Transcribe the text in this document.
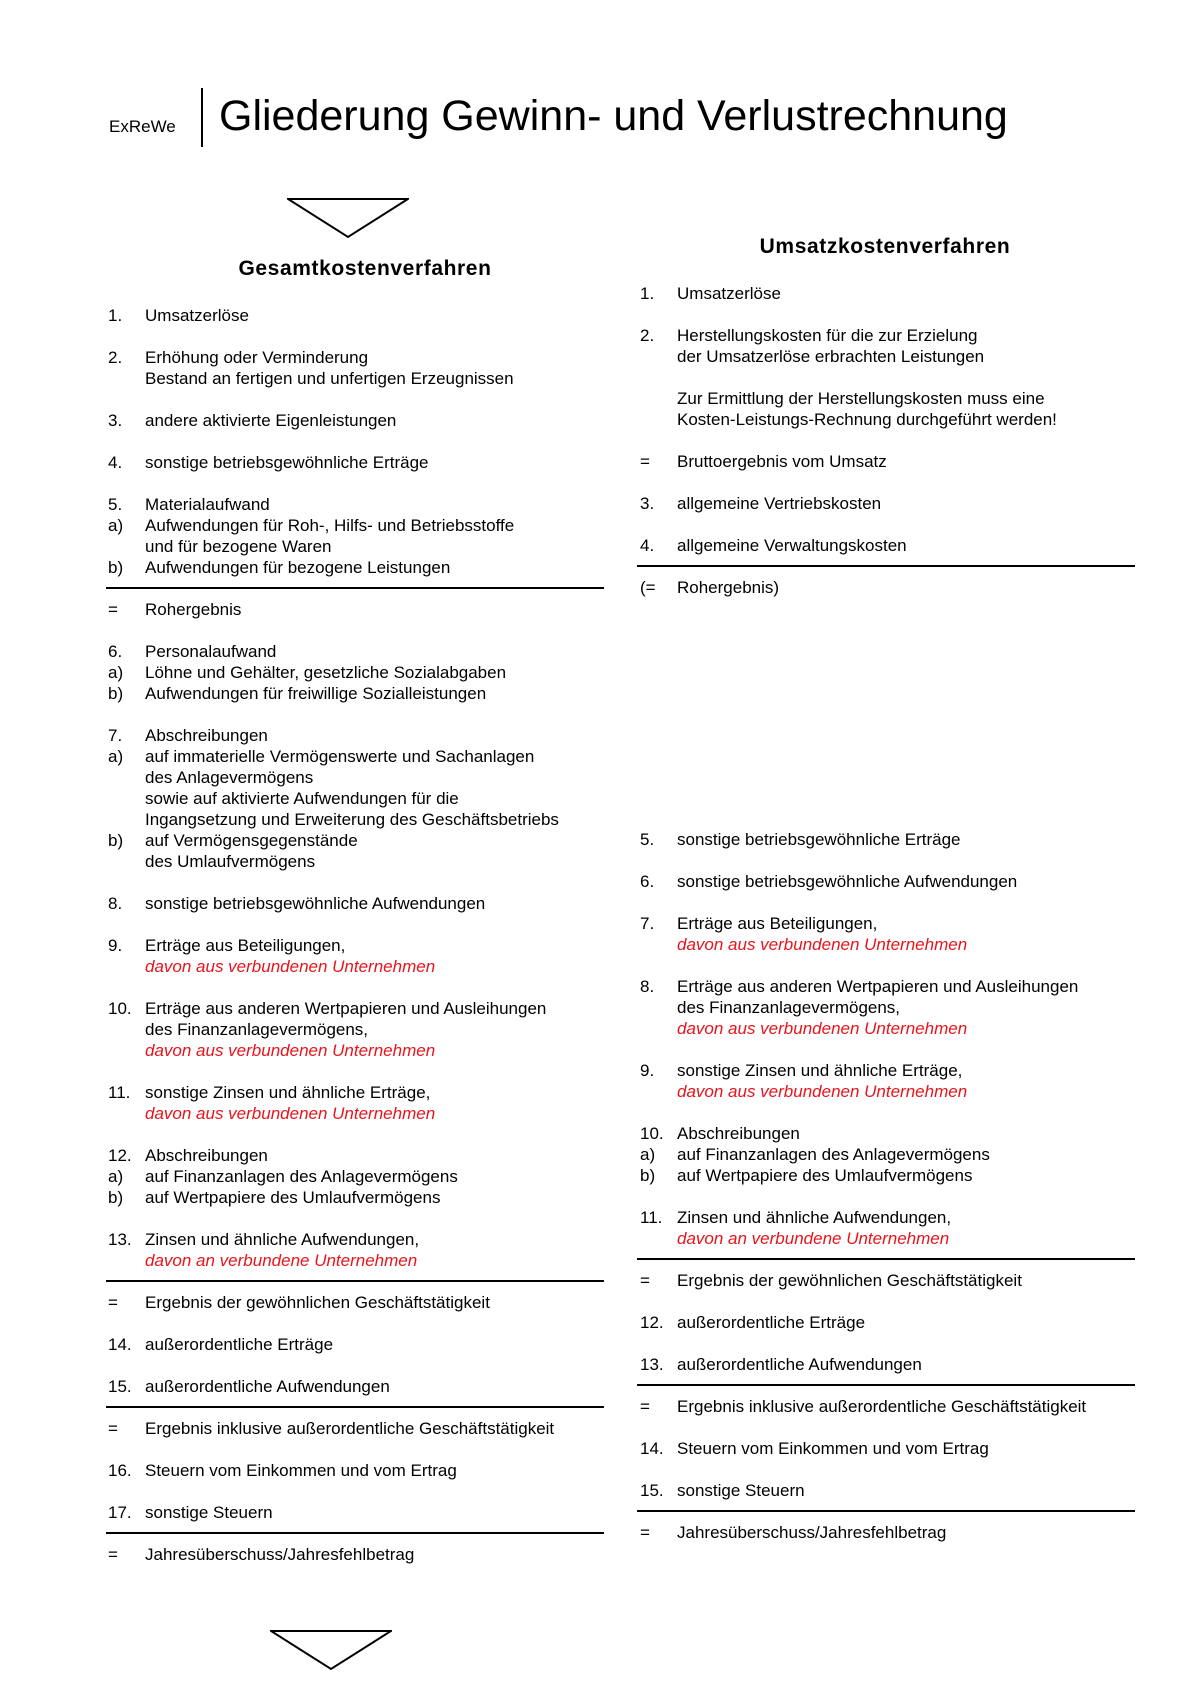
ExReWe Gliederung Gewinn- und Verlustrechnung
Gesamtkostenverfahren
Umsatzkostenverfahren
1. Umsatzerlöse
2. Erhöhung oder Verminderung
Bestand an fertigen und unfertigen Erzeugnissen
3. andere aktivierte Eigenleistungen
4. sonstige betriebsgewöhnliche Erträge
5. Materialaufwand
a) Aufwendungen für Roh-, Hilfs- und Betriebsstoffe
und für bezogene Waren
b) Aufwendungen für bezogene Leistungen
= Rohergebnis
6. Personalaufwand
a) Löhne und Gehälter, gesetzliche Sozialabgaben
b) Aufwendungen für freiwillige Sozialleistungen
7. Abschreibungen
a) auf immaterielle Vermögenswerte und Sachanlagen
des Anlagevermögens
sowie auf aktivierte Aufwendungen für die
Ingangsetzung und Erweiterung des Geschäftsbetriebs
b) auf Vermögensgegenstände
des Umlaufvermögens
8. sonstige betriebsgewöhnliche Aufwendungen
9. Erträge aus Beteiligungen,
davon aus verbundenen Unternehmen
10. Erträge aus anderen Wertpapieren und Ausleihungen
des Finanzanlagevermögens,
davon aus verbundenen Unternehmen
11. sonstige Zinsen und ähnliche Erträge,
davon aus verbundenen Unternehmen
12. Abschreibungen
a) auf Finanzanlagen des Anlagevermögens
b) auf Wertpapiere des Umlaufvermögens
13. Zinsen und ähnliche Aufwendungen,
davon an verbundene Unternehmen
= Ergebnis der gewöhnlichen Geschäftstätigkeit
14. außerordentliche Erträge
15. außerordentliche Aufwendungen
= Ergebnis inklusive außerordentliche Geschäftstätigkeit
16. Steuern vom Einkommen und vom Ertrag
17. sonstige Steuern
= Jahresüberschuss/Jahresfehlbetrag
1. Umsatzerlöse
2. Herstellungskosten für die zur Erzielung
der Umsatzerlöse erbrachten Leistungen
Zur Ermittlung der Herstellungskosten muss eine
Kosten-Leistungs-Rechnung durchgeführt werden!
= Bruttoergebnis vom Umsatz
3. allgemeine Vertriebskosten
4. allgemeine Verwaltungskosten
(= Rohergebnis)
5. sonstige betriebsgewöhnliche Erträge
6. sonstige betriebsgewöhnliche Aufwendungen
7. Erträge aus Beteiligungen,
davon aus verbundenen Unternehmen
8. Erträge aus anderen Wertpapieren und Ausleihungen
des Finanzanlagevermögens,
davon aus verbundenen Unternehmen
9. sonstige Zinsen und ähnliche Erträge,
davon aus verbundenen Unternehmen
10. Abschreibungen
a) auf Finanzanlagen des Anlagevermögens
b) auf Wertpapiere des Umlaufvermögens
11. Zinsen und ähnliche Aufwendungen,
davon an verbundene Unternehmen
= Ergebnis der gewöhnlichen Geschäftstätigkeit
12. außerordentliche Erträge
13. außerordentliche Aufwendungen
= Ergebnis inklusive außerordentliche Geschäftstätigkeit
14. Steuern vom Einkommen und vom Ertrag
15. sonstige Steuern
= Jahresüberschuss/Jahresfehlbetrag
